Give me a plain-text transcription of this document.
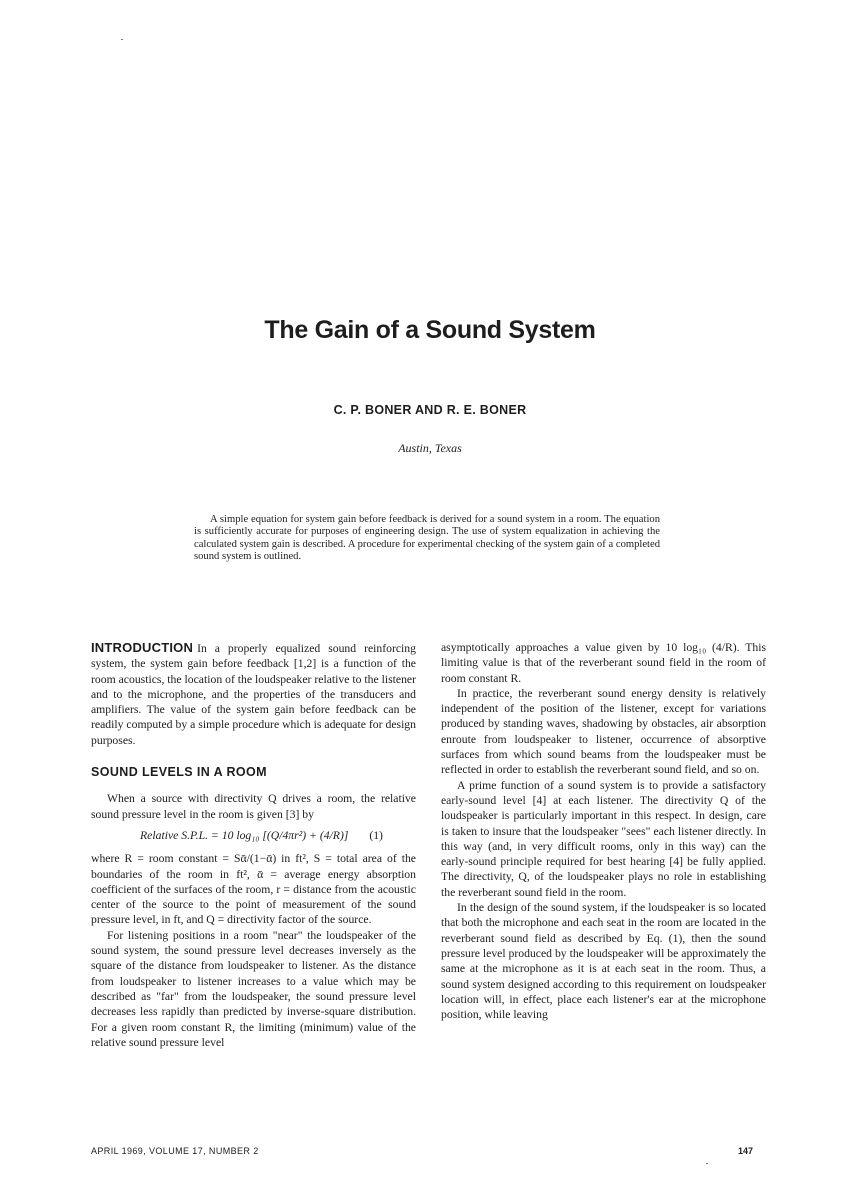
The Gain of a Sound System
C. P. BONER AND R. E. BONER
Austin, Texas

A simple equation for system gain before feedback is derived for a sound system in a room. The equation is sufficiently accurate for purposes of engineering design. The use of system equalization in achieving the calculated system gain is described. A procedure for experimental checking of the system gain of a completed sound system is outlined.

INTRODUCTION In a properly equalized sound reinforcing system, the system gain before feedback [1,2] is a function of the room acoustics, the location of the loudspeaker relative to the listener and to the microphone, and the properties of the transducers and amplifiers. The value of the system gain before feedback can be readily computed by a simple procedure which is adequate for design purposes.

SOUND LEVELS IN A ROOM

When a source with directivity Q drives a room, the relative sound pressure level in the room is given [3] by

Relative S.P.L. = 10 log₁₀ [(Q/4πr²) + (4/R)] (1)

where R = room constant = Sᾱ/(1−ᾱ) in ft², S = total area of the boundaries of the room in ft², ᾱ = average energy absorption coefficient of the surfaces of the room, r = distance from the acoustic center of the source to the point of measurement of the sound pressure level, in ft, and Q = directivity factor of the source.

For listening positions in a room "near" the loudspeaker of the sound system, the sound pressure level decreases inversely as the square of the distance from loudspeaker to listener. As the distance from loudspeaker to listener increases to a value which may be described as "far" from the loudspeaker, the sound pressure level decreases less rapidly than predicted by inverse-square distribution. For a given room constant R, the limiting (minimum) value of the relative sound pressure level

asymptotically approaches a value given by 10 log₁₀ (4/R). This limiting value is that of the reverberant sound field in the room of room constant R.

In practice, the reverberant sound energy density is relatively independent of the position of the listener, except for variations produced by standing waves, shadowing by obstacles, air absorption enroute from loudspeaker to listener, occurrence of absorptive surfaces from which sound beams from the loudspeaker must be reflected in order to establish the reverberant sound field, and so on.

A prime function of a sound system is to provide a satisfactory early-sound level [4] at each listener. The directivity Q of the loudspeaker is particularly important in this respect. In design, care is taken to insure that the loudspeaker "sees" each listener directly. In this way (and, in very difficult rooms, only in this way) can the early-sound principle required for best hearing [4] be fully applied. The directivity, Q, of the loudspeaker plays no role in establishing the reverberant sound field in the room.

In the design of the sound system, if the loudspeaker is so located that both the microphone and each seat in the room are located in the reverberant sound field as described by Eq. (1), then the sound pressure level produced by the loudspeaker will be approximately the same at the microphone as it is at each seat in the room. Thus, a sound system designed according to this requirement on loudspeaker location will, in effect, place each listener's ear at the microphone position, while leaving

APRIL 1969, VOLUME 17, NUMBER 2	147
